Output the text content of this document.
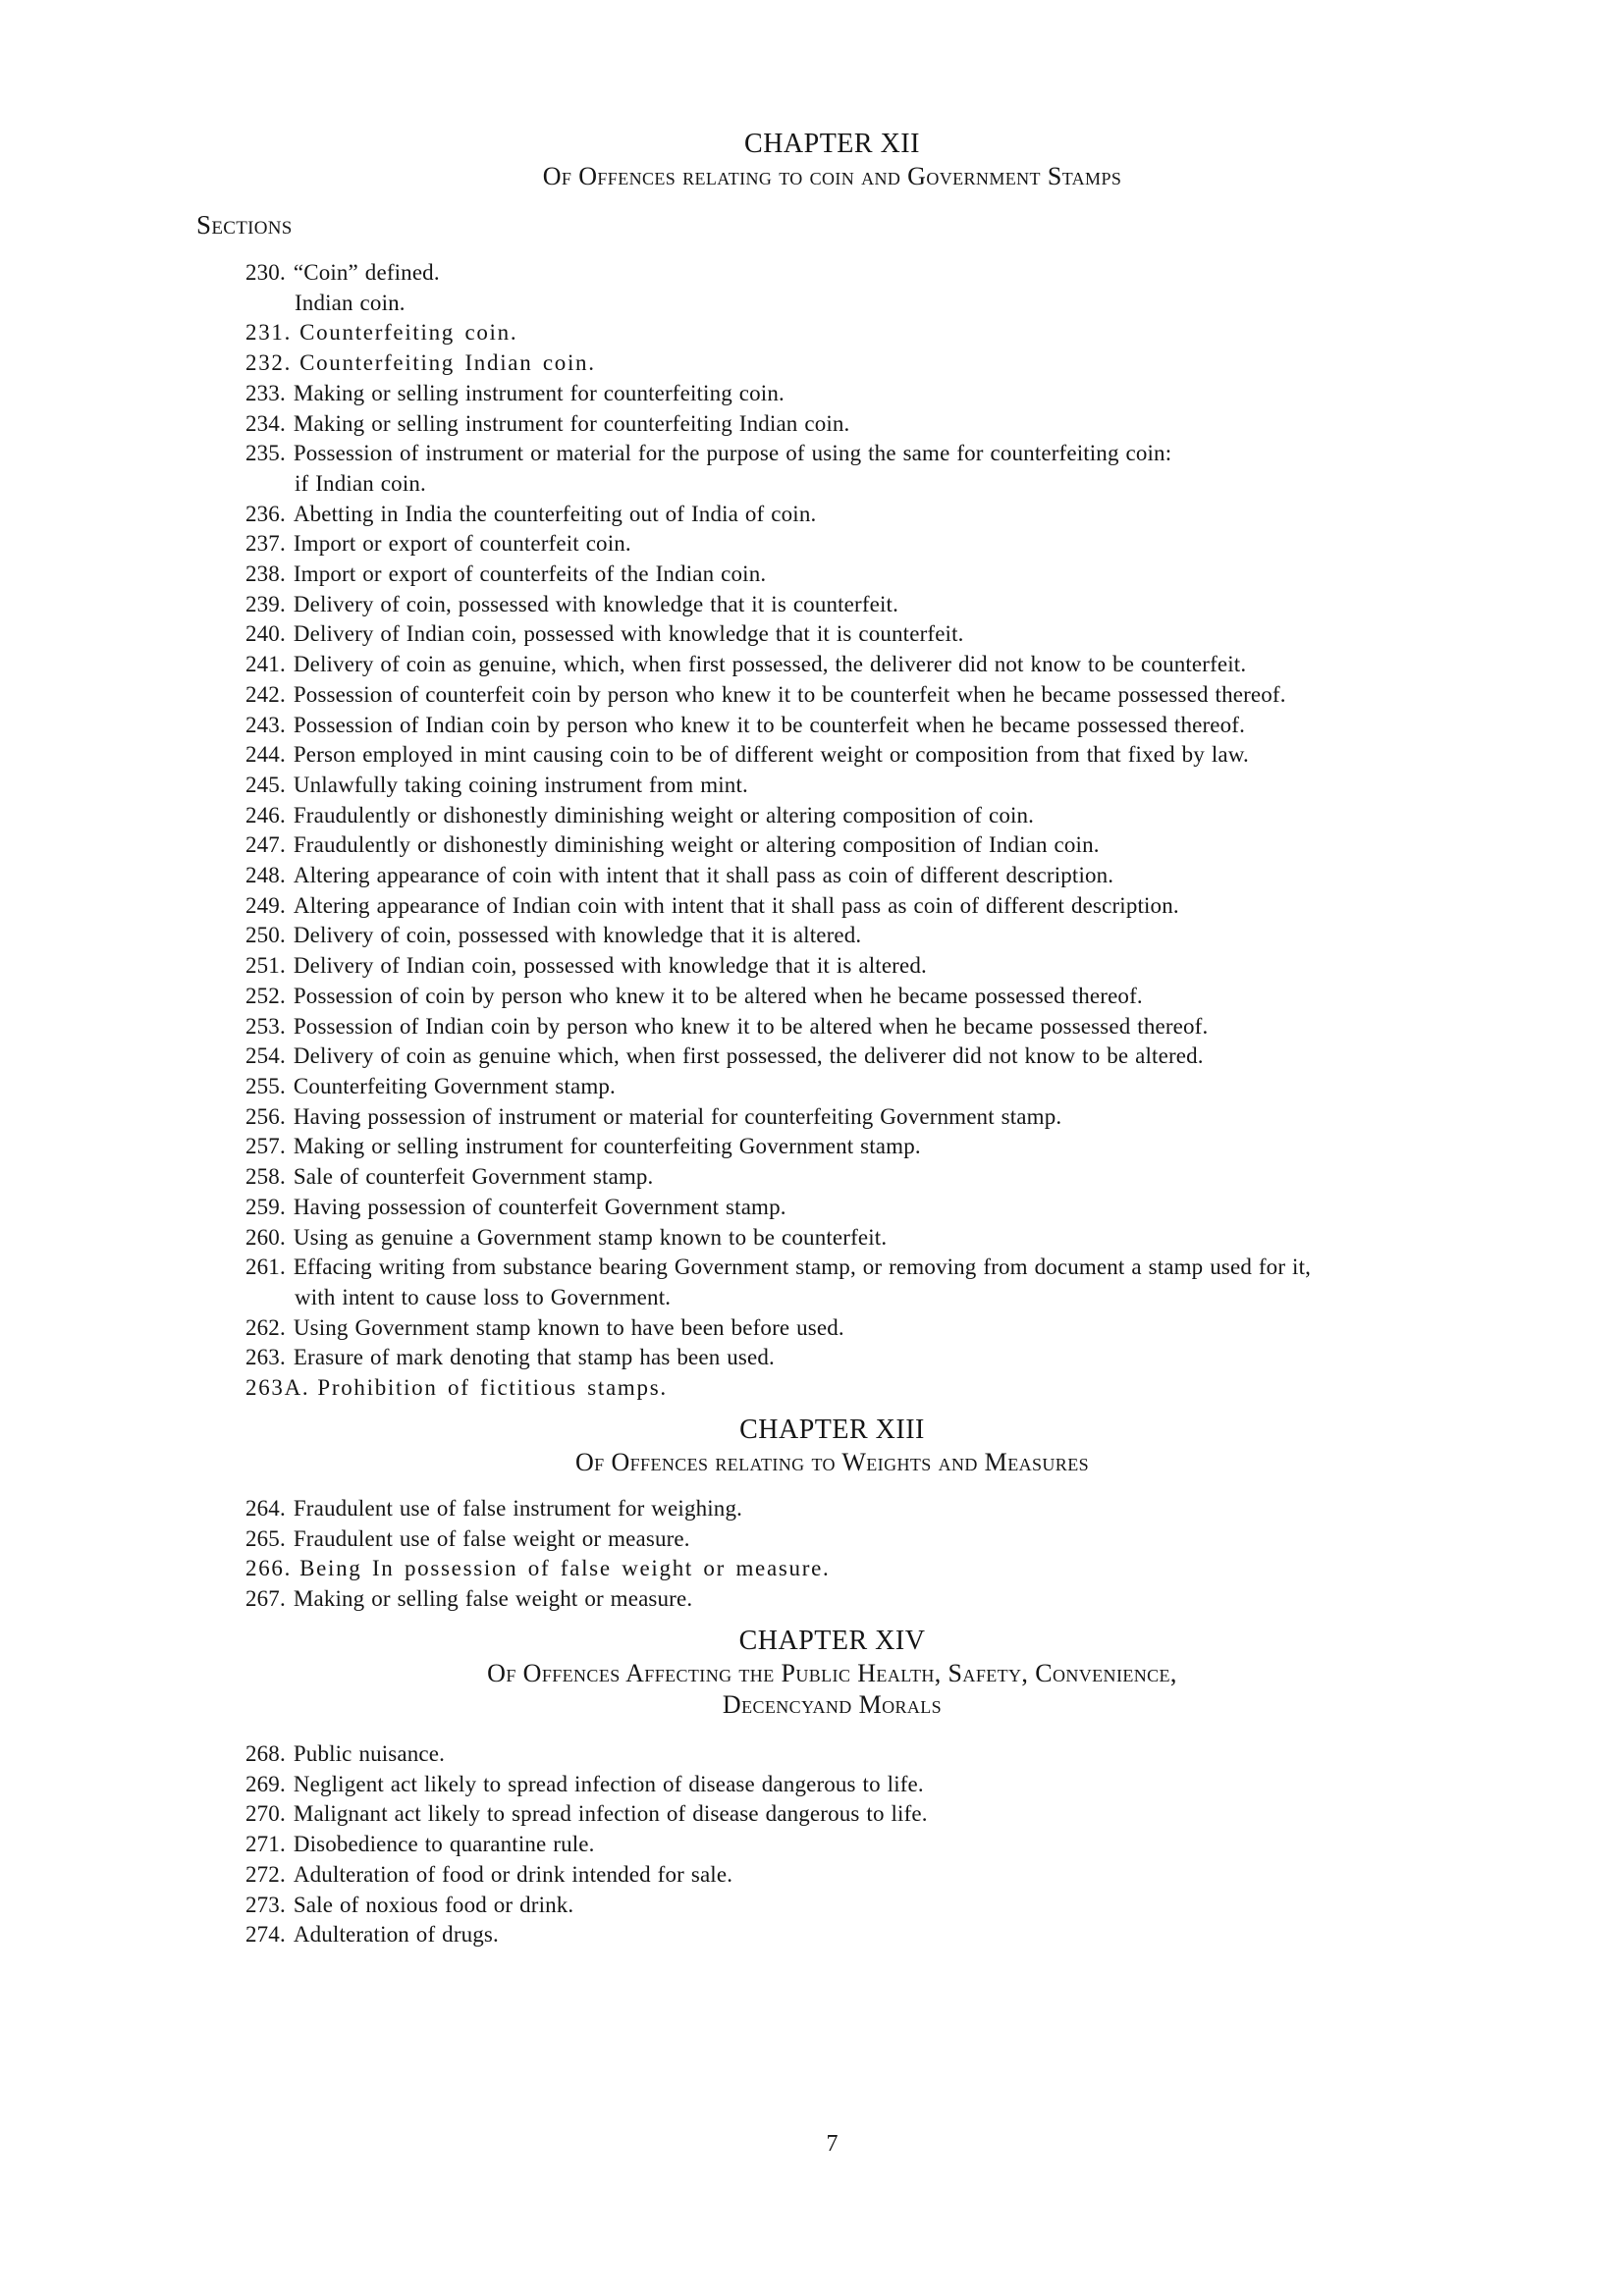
CHAPTER XII
Of Offences relating to coin and Government Stamps
Sections
230. “Coin” defined.
Indian coin.
231. Counterfeiting coin.
232. Counterfeiting Indian coin.
233. Making or selling instrument for counterfeiting coin.
234. Making or selling instrument for counterfeiting Indian coin.
235. Possession of instrument or material for the purpose of using the same for counterfeiting coin:
if Indian coin.
236. Abetting in India the counterfeiting out of India of coin.
237. Import or export of counterfeit coin.
238. Import or export of counterfeits of the Indian coin.
239. Delivery of coin, possessed with knowledge that it is counterfeit.
240. Delivery of Indian coin, possessed with knowledge that it is counterfeit.
241. Delivery of coin as genuine, which, when first possessed, the deliverer did not know to be counterfeit.
242. Possession of counterfeit coin by person who knew it to be counterfeit when he became possessed thereof.
243. Possession of Indian coin by person who knew it to be counterfeit when he became possessed thereof.
244. Person employed in mint causing coin to be of different weight or composition from that fixed by law.
245. Unlawfully taking coining instrument from mint.
246. Fraudulently or dishonestly diminishing weight or altering composition of coin.
247. Fraudulently or dishonestly diminishing weight or altering composition of Indian coin.
248. Altering appearance of coin with intent that it shall pass as coin of different description.
249. Altering appearance of Indian coin with intent that it shall pass as coin of different description.
250. Delivery of coin, possessed with knowledge that it is altered.
251. Delivery of Indian coin, possessed with knowledge that it is altered.
252. Possession of coin by person who knew it to be altered when he became possessed thereof.
253. Possession of Indian coin by person who knew it to be altered when he became possessed thereof.
254. Delivery of coin as genuine which, when first possessed, the deliverer did not know to be altered.
255. Counterfeiting Government stamp.
256. Having possession of instrument or material for counterfeiting Government stamp.
257. Making or selling instrument for counterfeiting Government stamp.
258. Sale of counterfeit Government stamp.
259. Having possession of counterfeit Government stamp.
260. Using as genuine a Government stamp known to be counterfeit.
261. Effacing writing from substance bearing Government stamp, or removing from document a stamp used for it,
with intent to cause loss to Government.
262. Using Government stamp known to have been before used.
263. Erasure of mark denoting that stamp has been used.
263A. Prohibition of fictitious stamps.
CHAPTER XIII
Of Offences relating to Weights and Measures
264. Fraudulent use of false instrument for weighing.
265. Fraudulent use of false weight or measure.
266. Being In possession of false weight or measure.
267. Making or selling false weight or measure.
CHAPTER XIV
Of Offences Affecting the Public Health, Safety, Convenience,
Decencyand Morals
268. Public nuisance.
269. Negligent act likely to spread infection of disease dangerous to life.
270. Malignant act likely to spread infection of disease dangerous to life.
271. Disobedience to quarantine rule.
272. Adulteration of food or drink intended for sale.
273. Sale of noxious food or drink.
274. Adulteration of drugs.
7
